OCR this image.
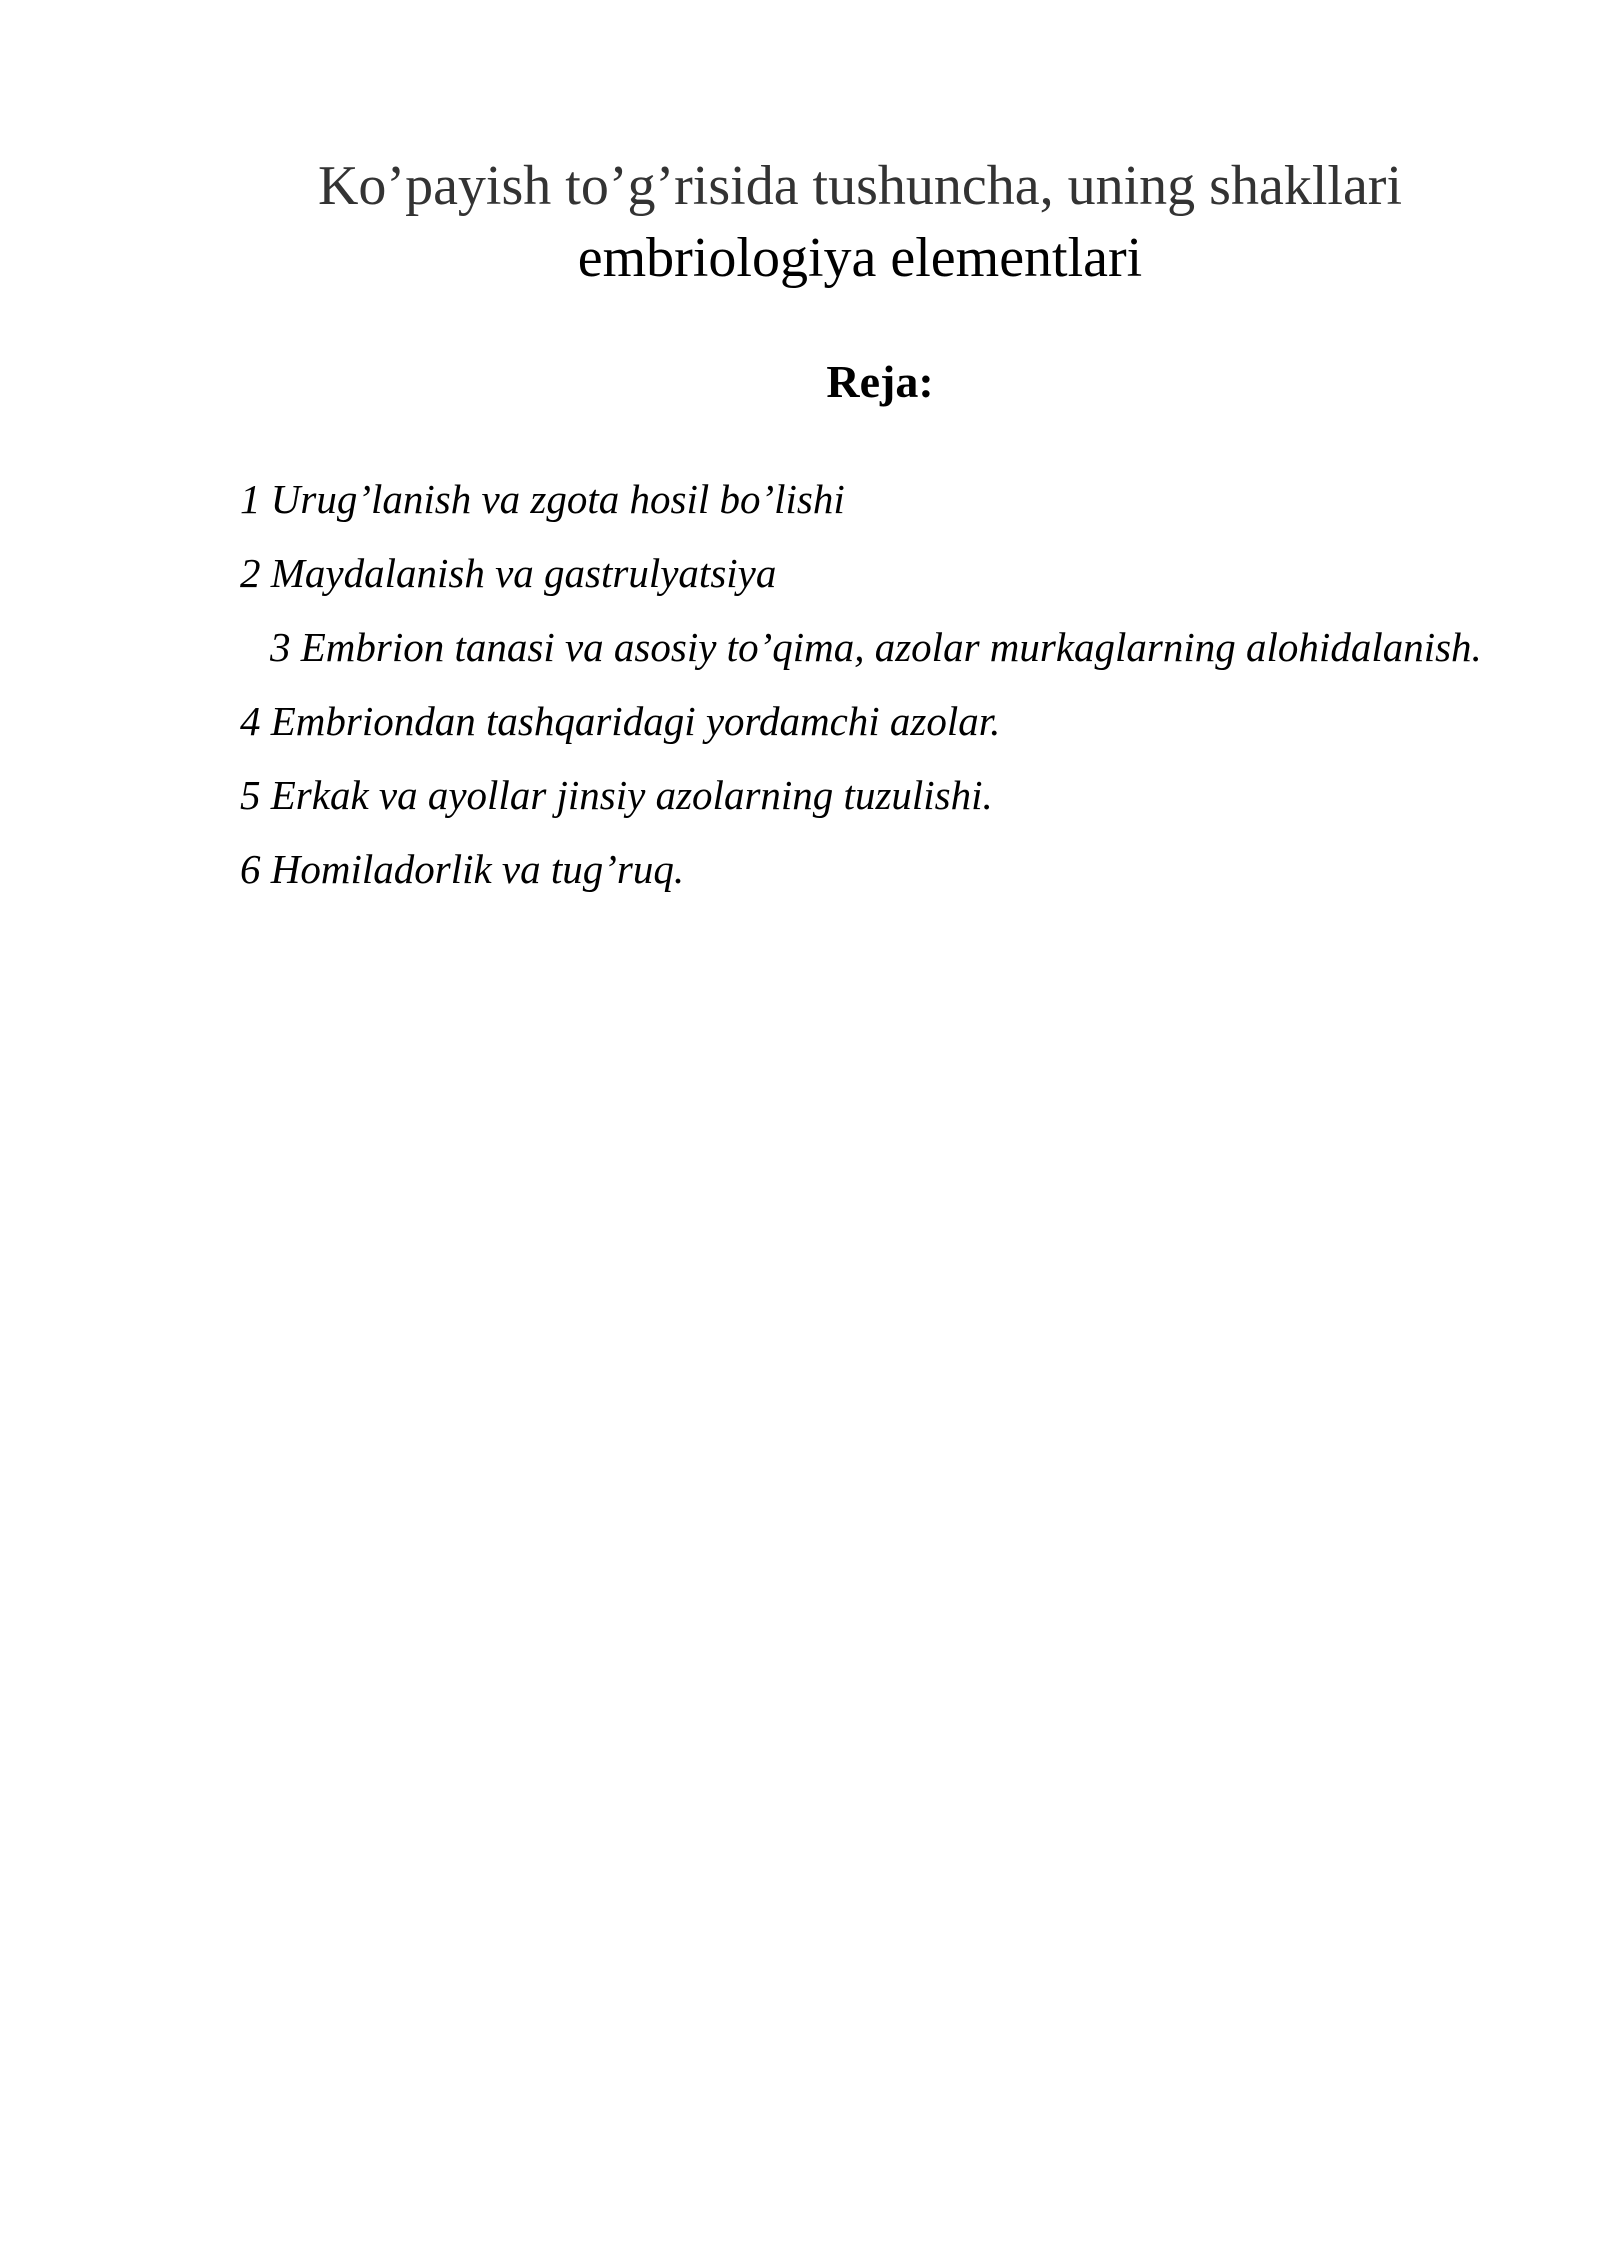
Ko’payish to’g’risida tushuncha, uning shakllari
embriologiya elementlari
Reja:
1 Urug’lanish va zgota hosil bo’lishi
2 Maydalanish va gastrulyatsiya
3 Embrion tanasi va asosiy to’qima, azolar murkaglarning alohidalanish.
4 Embriondan tashqaridagi yordamchi azolar.
5 Erkak va ayollar jinsiy azolarning tuzulishi.
6 Homiladorlik va tug’ruq.
